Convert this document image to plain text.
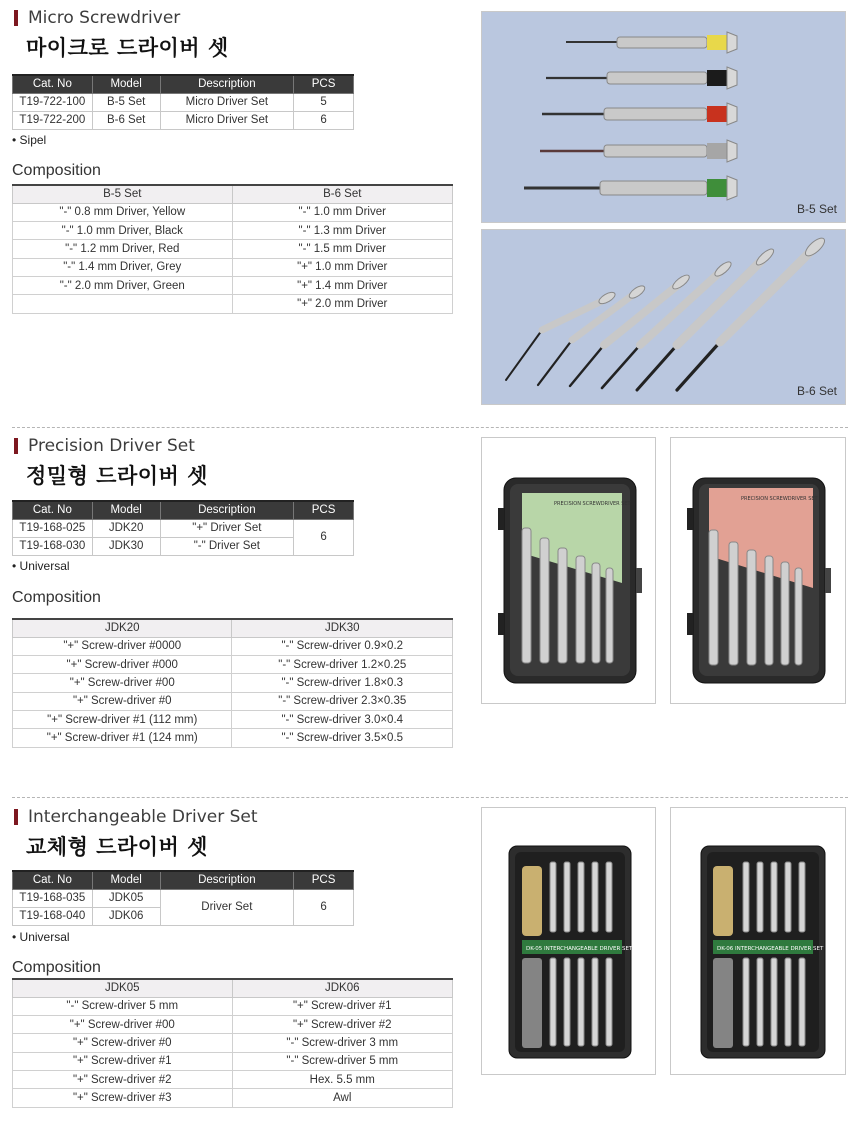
Micro Screwdriver
마이크로 드라이버 셋
Cat. No	Model	Description	PCS
T19-722-100	B-5 Set	Micro Driver Set	5
T19-722-200	B-6 Set	Micro Driver Set	6
• Sipel
Composition
B-5 Set	B-6 Set
"-" 0.8 mm Driver, Yellow	"-" 1.0 mm Driver
"-" 1.0 mm Driver, Black	"-" 1.3 mm Driver
"-" 1.2 mm Driver, Red	"-" 1.5 mm Driver
"-" 1.4 mm Driver, Grey	"+" 1.0 mm Driver
"-" 2.0 mm Driver, Green	"+" 1.4 mm Driver
	"+" 2.0 mm Driver
B-5 Set
B-6 Set
Precision Driver Set
정밀형 드라이버 셋
Cat. No	Model	Description	PCS
T19-168-025	JDK20	"+" Driver Set	6
T19-168-030	JDK30	"-" Driver Set	
• Universal
Composition
JDK20	JDK30
"+" Screw-driver #0000	"-" Screw-driver 0.9×0.2
"+" Screw-driver #000	"-" Screw-driver 1.2×0.25
"+" Screw-driver #00	"-" Screw-driver 1.8×0.3
"+" Screw-driver #0	"-" Screw-driver 2.3×0.35
"+" Screw-driver #1 (112 mm)	"-" Screw-driver 3.0×0.4
"+" Screw-driver #1 (124 mm)	"-" Screw-driver 3.5×0.5
PRECISION SCREWDRIVER SET
PRECISION SCREWDRIVER SET
Interchangeable Driver Set
교체형 드라이버 셋
Cat. No	Model	Description	PCS
T19-168-035	JDK05	Driver Set	6
T19-168-040	JDK06		
• Universal
Composition
JDK05	JDK06
"-" Screw-driver 5 mm	"+" Screw-driver #1
"+" Screw-driver #00	"+" Screw-driver #2
"+" Screw-driver #0	"-" Screw-driver 3 mm
"+" Screw-driver #1	"-" Screw-driver 5 mm
"+" Screw-driver #2	Hex. 5.5 mm
"+" Screw-driver #3	Awl
DK-05 INTERCHANGEABLE DRIVER SET	DK-06 INTERCHANGEABLE DRIVER SET
